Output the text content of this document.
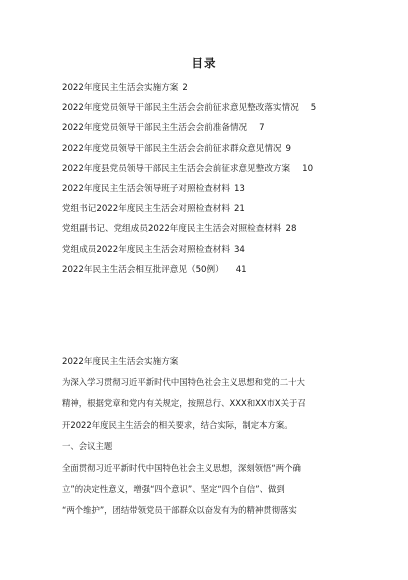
目录
2022年度民主生活会实施方案 2
2022年度党员领导干部民主生活会会前征求意见整改落实情况 5
2022年度党员领导干部民主生活会会前准备情况 7
2022年度党员领导干部民主生活会会前征求群众意见情况 9
2022年度县党员领导干部民主生活会会前征求意见整改方案 10
2022年度民主生活会领导班子对照检查材料 13
党组书记2022年度民主生活会对照检查材料 21
党组副书记、党组成员2022年度民主生活会对照检查材料 28
党组成员2022年度民主生活会对照检查材料 34
2022年民主生活会相互批评意见（50例） 41

2022年度民主生活会实施方案

为深入学习贯彻习近平新时代中国特色社会主义思想和党的二十大
精神，根据党章和党内有关规定，按照总行、XXX和XX市X关于召
开2022年度民主生活会的相关要求，结合实际，制定本方案。

一、会议主题

全面贯彻习近平新时代中国特色社会主义思想，深刻领悟“两个确
立”的决定性意义，增强“四个意识”、坚定“四个自信”、做到
“两个维护”，团结带领党员干部群众以奋发有为的精神贯彻落实
